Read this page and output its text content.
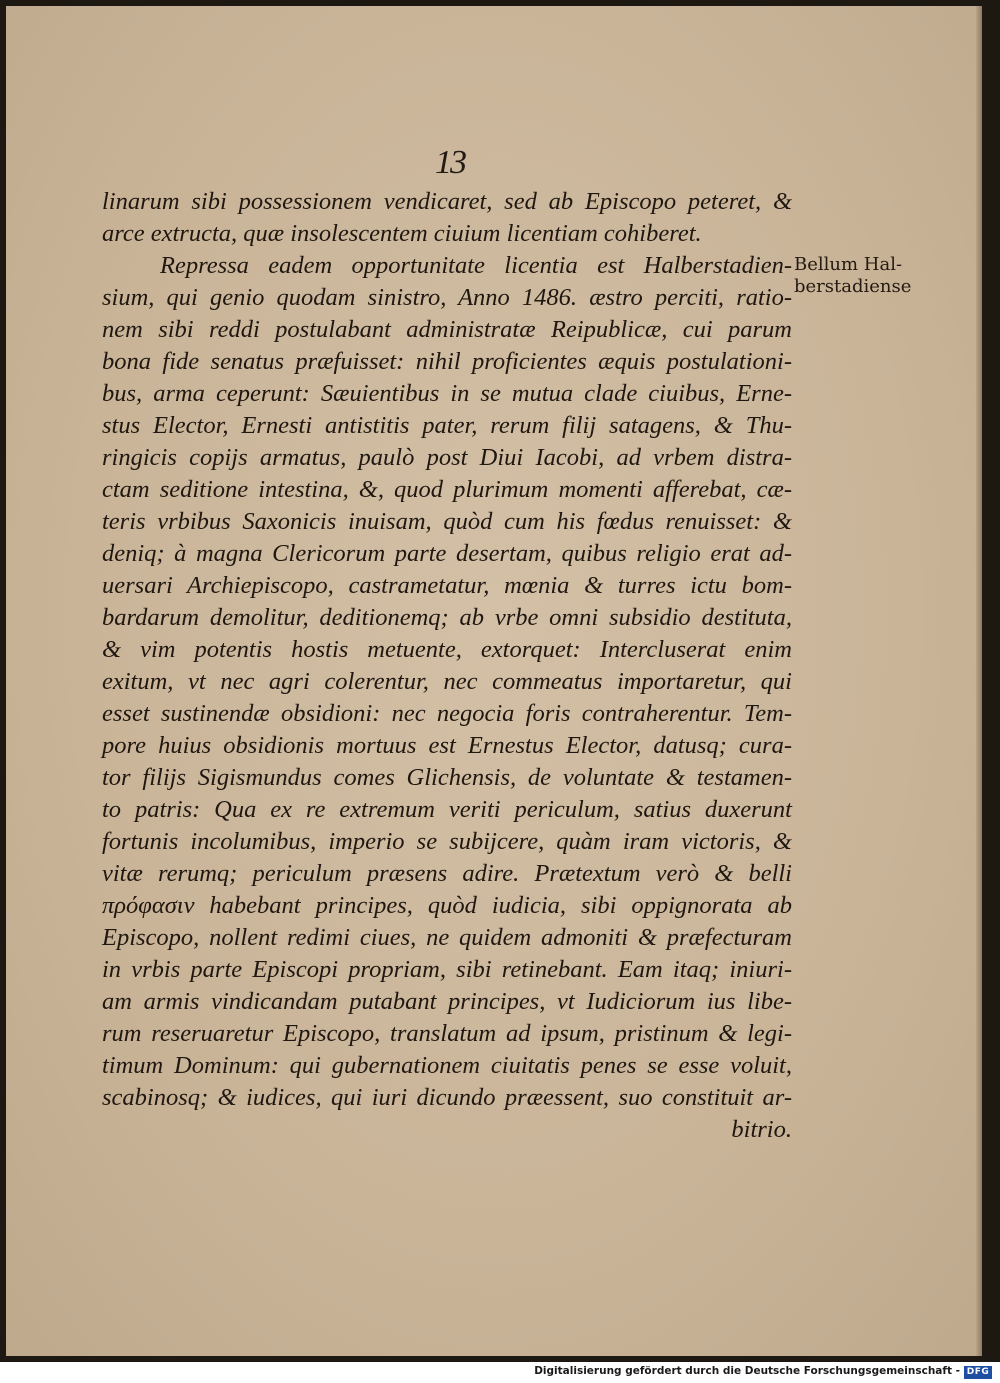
13
linarum sibi possessionem vendicaret, sed ab Episcopo peteret, &
arce extructa, quæ insolescentem ciuium licentiam cohiberet.
Repressa eadem opportunitate licentia est Halberstadien-
sium, qui genio quodam sinistro, Anno 1486. æstro perciti, ratio-
nem sibi reddi postulabant administratæ Reipublicæ, cui parum
bona fide senatus præfuisset: nihil proficientes æquis postulationi-
bus, arma ceperunt: Sæuientibus in se mutua clade ciuibus, Erne-
stus Elector, Ernesti antistitis pater, rerum filij satagens, & Thu-
ringicis copijs armatus, paulò post Diui Iacobi, ad vrbem distra-
ctam seditione intestina, &, quod plurimum momenti afferebat, cæ-
teris vrbibus Saxonicis inuisam, quòd cum his fœdus renuisset: &
deniq; à magna Clericorum parte desertam, quibus religio erat ad-
uersari Archiepiscopo, castrametatur, mœnia & turres ictu bom-
bardarum demolitur, deditionemq; ab vrbe omni subsidio destituta,
& vim potentis hostis metuente, extorquet: Intercluserat enim
exitum, vt nec agri colerentur, nec commeatus importaretur, qui
esset sustinendæ obsidioni: nec negocia foris contraherentur. Tem-
pore huius obsidionis mortuus est Ernestus Elector, datusq; cura-
tor filijs Sigismundus comes Glichensis, de voluntate & testamen-
to patris: Qua ex re extremum veriti periculum, satius duxerunt
fortunis incolumibus, imperio se subijcere, quàm iram victoris, &
vitæ rerumq; periculum præsens adire. Prætextum verò & belli
πρόφασιν habebant principes, quòd iudicia, sibi oppignorata ab
Episcopo, nollent redimi ciues, ne quidem admoniti & præfecturam
in vrbis parte Episcopi propriam, sibi retinebant. Eam itaq; iniuri-
am armis vindicandam putabant principes, vt Iudiciorum ius libe-
rum reseruaretur Episcopo, translatum ad ipsum, pristinum & legi-
timum Dominum: qui gubernationem ciuitatis penes se esse voluit,
scabinosq; & iudices, qui iuri dicundo præessent, suo constituit ar-
bitrio.
Bellum Hal-
berstadiense
Digitalisierung gefördert durch die Deutsche Forschungsgemeinschaft - DFG
